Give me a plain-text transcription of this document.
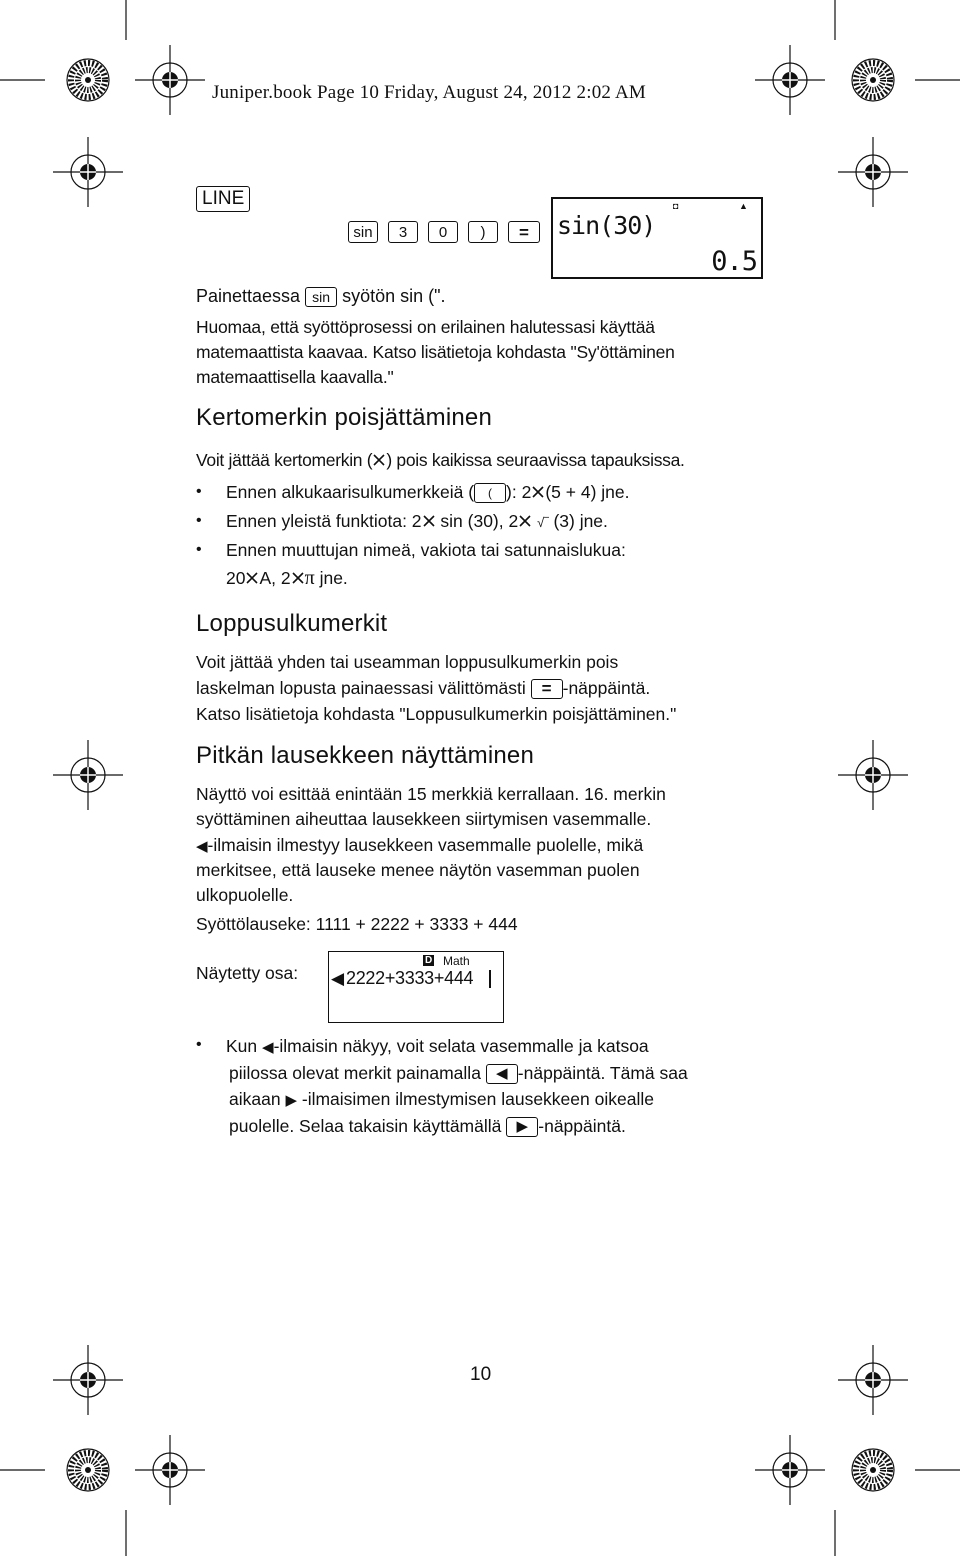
Juniper.book Page 10 Friday, August 24, 2012 2:02 AM
LINE
sin 3 0 ) =
◘	▲
sin(30)
0.5
Painettaessa sin syötön sin (".
Huomaa, että syöttöprosessi on erilainen halutessasi käyttää
matemaattista kaavaa. Katso lisätietoja kohdasta "Sy'öttäminen
matemaattisella kaavalla."
Kertomerkin poisjättäminen
Voit jättää kertomerkin ( ) pois kaikissa seuraavissa tapauksissa.
• Ennen alkukaarisulkumerkkeiä ( ( ): 2 (5 + 4) jne.
• Ennen yleistä funktiota: 2 sin (30), 2 √‾ (3) jne.
• Ennen muuttujan nimeä, vakiota tai satunnaislukua:
20 A, 2 π jne.
Loppusulkumerkit
Voit jättää yhden tai useamman loppusulkumerkin pois
laskelman lopusta painaessasi välittömästi = -näppäintä.
Katso lisätietoja kohdasta "Loppusulkumerkin poisjättäminen."
Pitkän lausekkeen näyttäminen
Näyttö voi esittää enintään 15 merkkiä kerrallaan. 16. merkin
syöttäminen aiheuttaa lausekkeen siirtymisen vasemmalle.
◀-ilmaisin ilmestyy lausekkeen vasemmalle puolelle, mikä
merkitsee, että lauseke menee näytön vasemman puolen
ulkopuolelle.
Syöttölauseke: 1111 + 2222 + 3333 + 444
Näytetty osa:
D Math
◀ 2222+3333+444
• Kun ◀-ilmaisin näkyy, voit selata vasemmalle ja katsoa
piilossa olevat merkit painamalla ◀ -näppäintä. Tämä saa
aikaan ▶ -ilmaisimen ilmestymisen lausekkeen oikealle
puolelle. Selaa takaisin käyttämällä ▶ -näppäintä.
10
